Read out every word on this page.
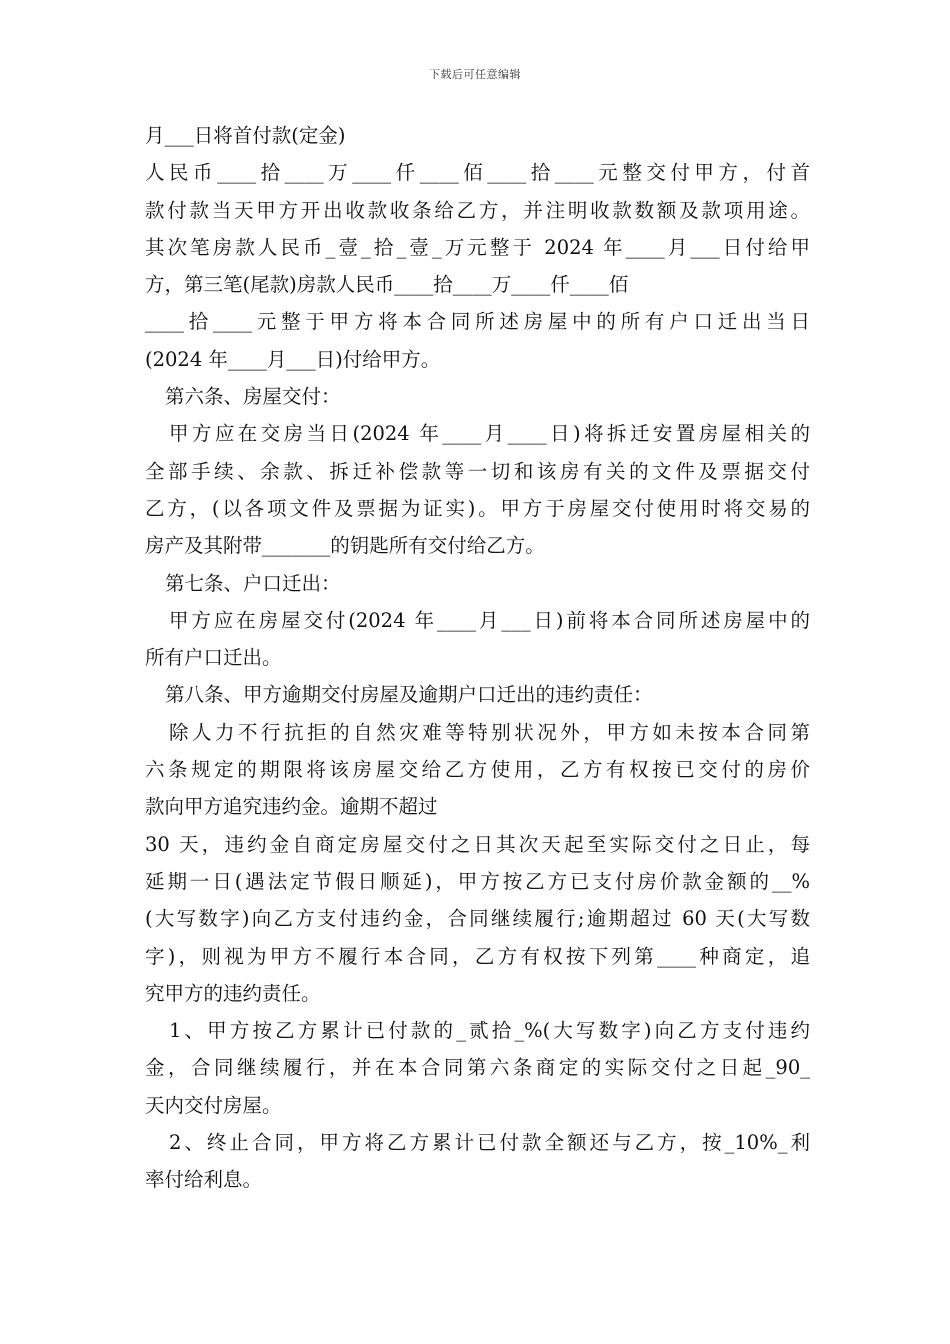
下载后可任意编辑
月___日将首付款(定金)
人民币____拾____万____仟____佰____拾____元整交付甲方，付首
款付款当天甲方开出收款收条给乙方，并注明收款数额及款项用途。
其次笔房款人民币_壹_拾_壹_万元整于 2024 年____月___日付给甲
方，第三笔(尾款)房款人民币____拾____万____仟____佰
____拾____元整于甲方将本合同所述房屋中的所有户口迁出当日
(2024 年____月___日)付给甲方。
第六条、房屋交付：
甲方应在交房当日(2024 年____月____日)将拆迁安置房屋相关的
全部手续、余款、拆迁补偿款等一切和该房有关的文件及票据交付
乙方，(以各项文件及票据为证实)。甲方于房屋交付使用时将交易的
房产及其附带_______的钥匙所有交付给乙方。
第七条、户口迁出：
甲方应在房屋交付(2024 年____月___日)前将本合同所述房屋中的
所有户口迁出。
第八条、甲方逾期交付房屋及逾期户口迁出的违约责任：
除人力不行抗拒的自然灾难等特别状况外，甲方如未按本合同第
六条规定的期限将该房屋交给乙方使用，乙方有权按已交付的房价
款向甲方追究违约金。逾期不超过
30 天，违约金自商定房屋交付之日其次天起至实际交付之日止，每
延期一日(遇法定节假日顺延)，甲方按乙方已支付房价款金额的__%
(大写数字)向乙方支付违约金，合同继续履行;逾期超过 60 天(大写数
字)，则视为甲方不履行本合同，乙方有权按下列第____种商定，追
究甲方的违约责任。
1、甲方按乙方累计已付款的_贰拾_%(大写数字)向乙方支付违约
金，合同继续履行，并在本合同第六条商定的实际交付之日起_90_
天内交付房屋。
2、终止合同，甲方将乙方累计已付款全额还与乙方，按_10%_利
率付给利息。
